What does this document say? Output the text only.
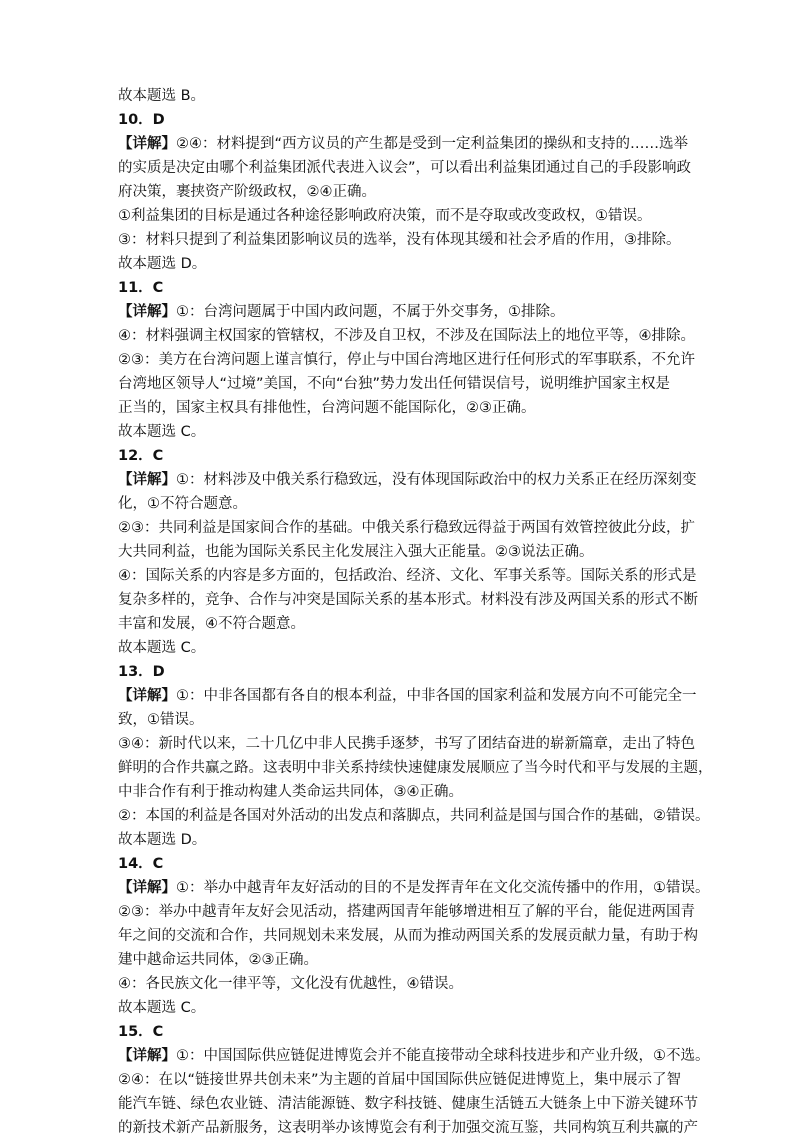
故本题选 B。
10．D
【详解】②④：材料提到“西方议员的产生都是受到一定利益集团的操纵和支持的……选举
的实质是决定由哪个利益集团派代表进入议会”，可以看出利益集团通过自己的手段影响政
府决策，裹挟资产阶级政权，②④正确。
①利益集团的目标是通过各种途径影响政府决策，而不是夺取或改变政权，①错误。
③：材料只提到了利益集团影响议员的选举，没有体现其缓和社会矛盾的作用，③排除。
故本题选 D。
11．C
【详解】①：台湾问题属于中国内政问题，不属于外交事务，①排除。
④：材料强调主权国家的管辖权，不涉及自卫权，不涉及在国际法上的地位平等，④排除。
②③：美方在台湾问题上谨言慎行，停止与中国台湾地区进行任何形式的军事联系，不允许
台湾地区领导人“过境”美国，不向“台独”势力发出任何错误信号，说明维护国家主权是
正当的，国家主权具有排他性，台湾问题不能国际化，②③正确。
故本题选 C。
12．C
【详解】①：材料涉及中俄关系行稳致远，没有体现国际政治中的权力关系正在经历深刻变
化，①不符合题意。
②③：共同利益是国家间合作的基础。中俄关系行稳致远得益于两国有效管控彼此分歧，扩
大共同利益，也能为国际关系民主化发展注入强大正能量。②③说法正确。
④：国际关系的内容是多方面的，包括政治、经济、文化、军事关系等。国际关系的形式是
复杂多样的，竞争、合作与冲突是国际关系的基本形式。材料没有涉及两国关系的形式不断
丰富和发展，④不符合题意。
故本题选 C。
13．D
【详解】①：中非各国都有各自的根本利益，中非各国的国家利益和发展方向不可能完全一
致，①错误。
③④：新时代以来，二十几亿中非人民携手逐梦，书写了团结奋进的崭新篇章，走出了特色
鲜明的合作共赢之路。这表明中非关系持续快速健康发展顺应了当今时代和平与发展的主题，
中非合作有利于推动构建人类命运共同体，③④正确。
②：本国的利益是各国对外活动的出发点和落脚点，共同利益是国与国合作的基础，②错误。
故本题选 D。
14．C
【详解】①：举办中越青年友好活动的目的不是发挥青年在文化交流传播中的作用，①错误。
②③：举办中越青年友好会见活动，搭建两国青年能够增进相互了解的平台，能促进两国青
年之间的交流和合作，共同规划未来发展，从而为推动两国关系的发展贡献力量，有助于构
建中越命运共同体，②③正确。
④：各民族文化一律平等，文化没有优越性，④错误。
故本题选 C。
15．C
【详解】①：中国国际供应链促进博览会并不能直接带动全球科技进步和产业升级，①不选。
②④：在以“链接世界共创未来”为主题的首届中国国际供应链促进博览上，集中展示了智
能汽车链、绿色农业链、清洁能源链、数字科技链、健康生活链五大链条上中下游关键环节
的新技术新产品新服务，这表明举办该博览会有利于加强交流互鉴，共同构筑互利共赢的产
